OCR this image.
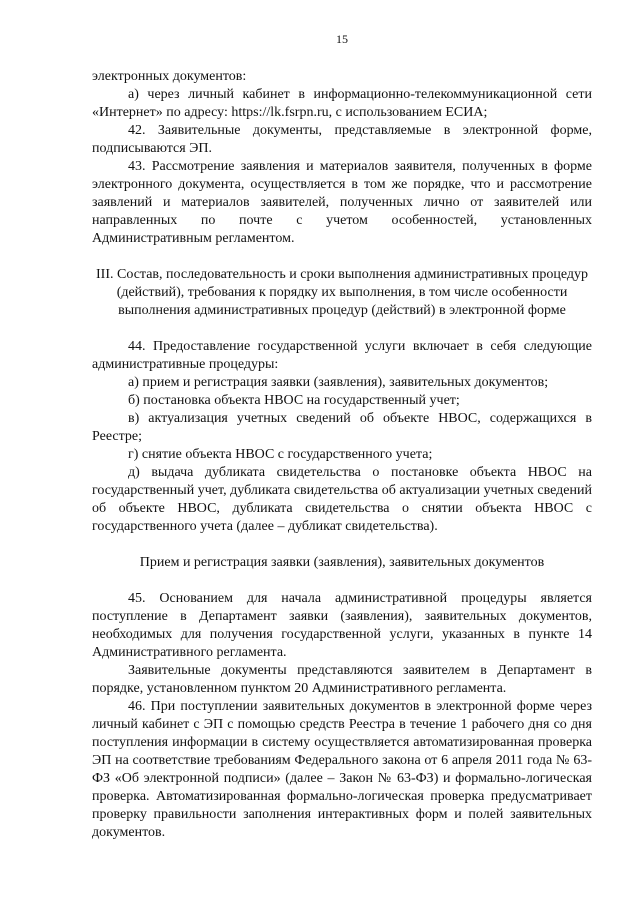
15

электронных документов:

а) через личный кабинет в информационно-телекоммуникационной сети «Интернет» по адресу: https://lk.fsrpn.ru, с использованием ЕСИА;

42. Заявительные документы, представляемые в электронной форме, подписываются ЭП.

43. Рассмотрение заявления и материалов заявителя, полученных в форме электронного документа, осуществляется в том же порядке, что и рассмотрение заявлений и материалов заявителей, полученных лично от заявителей или направленных по почте с учетом особенностей, установленных Административным регламентом.

III. Состав, последовательность и сроки выполнения административных процедур (действий), требования к порядку их выполнения, в том числе особенности выполнения административных процедур (действий) в электронной форме

44. Предоставление государственной услуги включает в себя следующие административные процедуры:

а) прием и регистрация заявки (заявления), заявительных документов;

б) постановка объекта НВОС на государственный учет;

в) актуализация учетных сведений об объекте НВОС, содержащихся в Реестре;

г) снятие объекта НВОС с государственного учета;

д) выдача дубликата свидетельства о постановке объекта НВОС на государственный учет, дубликата свидетельства об актуализации учетных сведений об объекте НВОС, дубликата свидетельства о снятии объекта НВОС с государственного учета (далее – дубликат свидетельства).

Прием и регистрация заявки (заявления), заявительных документов

45. Основанием для начала административной процедуры является поступление в Департамент заявки (заявления), заявительных документов, необходимых для получения государственной услуги, указанных в пункте 14 Административного регламента.

Заявительные документы представляются заявителем в Департамент в порядке, установленном пунктом 20 Административного регламента.

46. При поступлении заявительных документов в электронной форме через личный кабинет с ЭП с помощью средств Реестра в течение 1 рабочего дня со дня поступления информации в систему осуществляется автоматизированная проверка ЭП на соответствие требованиям Федерального закона от 6 апреля 2011 года № 63-ФЗ «Об электронной подписи» (далее – Закон № 63-ФЗ) и формально-логическая проверка. Автоматизированная формально-логическая проверка предусматривает проверку правильности заполнения интерактивных форм и полей заявительных документов.
